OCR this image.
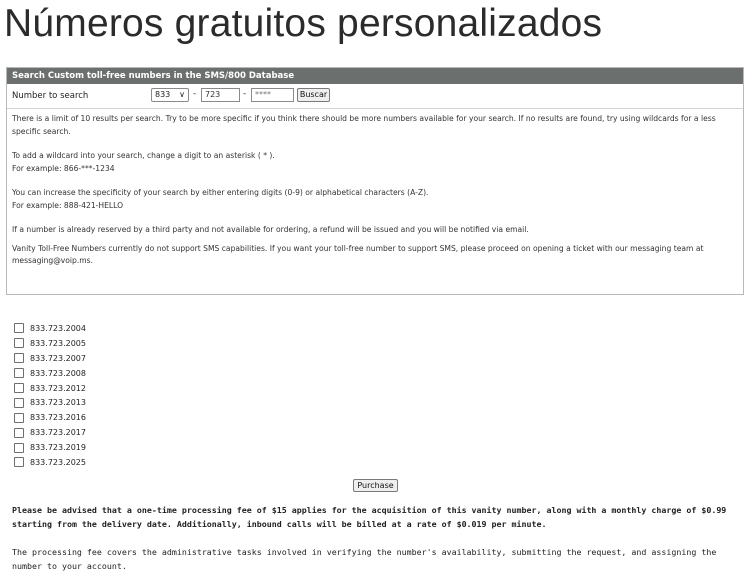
Números gratuitos personalizados
Search Custom toll-free numbers in the SMS/800 Database
Number to search	833 ∨ -	723	-	****	Buscar

There is a limit of 10 results per search. Try to be more specific if you think there should be more numbers available for your search. If no results are found, try using wildcards for a less specific search.

To add a wildcard into your search, change a digit to an asterisk ( * ).

For example: 866-***-1234

You can increase the specificity of your search by either entering digits (0-9) or alphabetical characters (A-Z).

For example: 888-421-HELLO

If a number is already reserved by a third party and not available for ordering, a refund will be issued and you will be notified via email.

Vanity Toll-Free Numbers currently do not support SMS capabilities. If you want your toll-free number to support SMS, please proceed on opening a ticket with our messaging team at messaging@voip.ms.

833.723.2004
833.723.2005
833.723.2007
833.723.2008
833.723.2012
833.723.2013
833.723.2016
833.723.2017
833.723.2019
833.723.2025
Purchase
Please be advised that a one-time processing fee of $15 applies for the acquisition of this vanity number, along with a monthly charge of $0.99
starting from the delivery date. Additionally, inbound calls will be billed at a rate of $0.019 per minute.
The processing fee covers the administrative tasks involved in verifying the number's availability, submitting the request, and assigning the number to your account.
